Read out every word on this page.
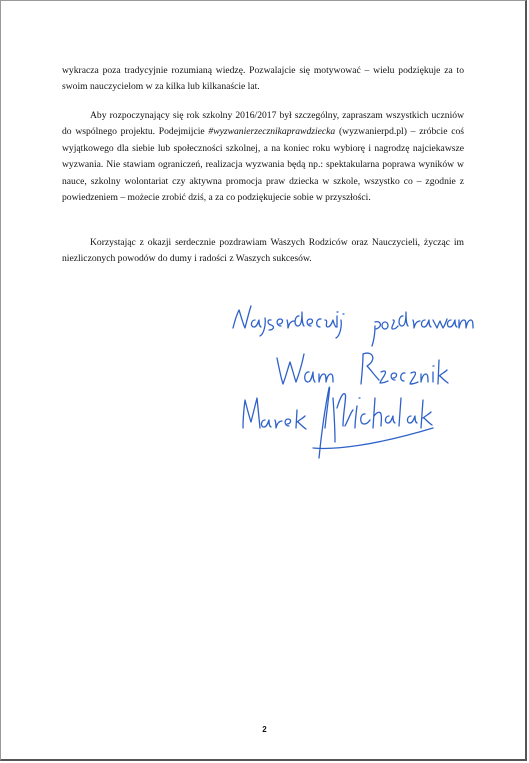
wykracza poza tradycyjnie rozumianą wiedzę. Pozwalajcie się motywować – wielu podziękuje za to swoim nauczycielom w za kilka lub kilkanaście lat.

Aby rozpoczynający się rok szkolny 2016/2017 był szczególny, zapraszam wszystkich uczniów do wspólnego projektu. Podejmijcie #wyzwanierzecznikaprawdziecka (wyzwanierpd.pl) – zróbcie coś wyjątkowego dla siebie lub społeczności szkolnej, a na koniec roku wybiorę i nagrodzę najciekawsze wyzwania. Nie stawiam ograniczeń, realizacja wyzwania będą np.: spektakularna poprawa wyników w nauce, szkolny wolontariat czy aktywna promocja praw dziecka w szkole, wszystko co – zgodnie z powiedzeniem – możecie zrobić dziś, a za co podziękujecie sobie w przyszłości.

Korzystając z okazji serdecznie pozdrawiam Waszych Rodziców oraz Nauczycieli, życząc im niezliczonych powodów do dumy i radości z Waszych sukcesów.

2
